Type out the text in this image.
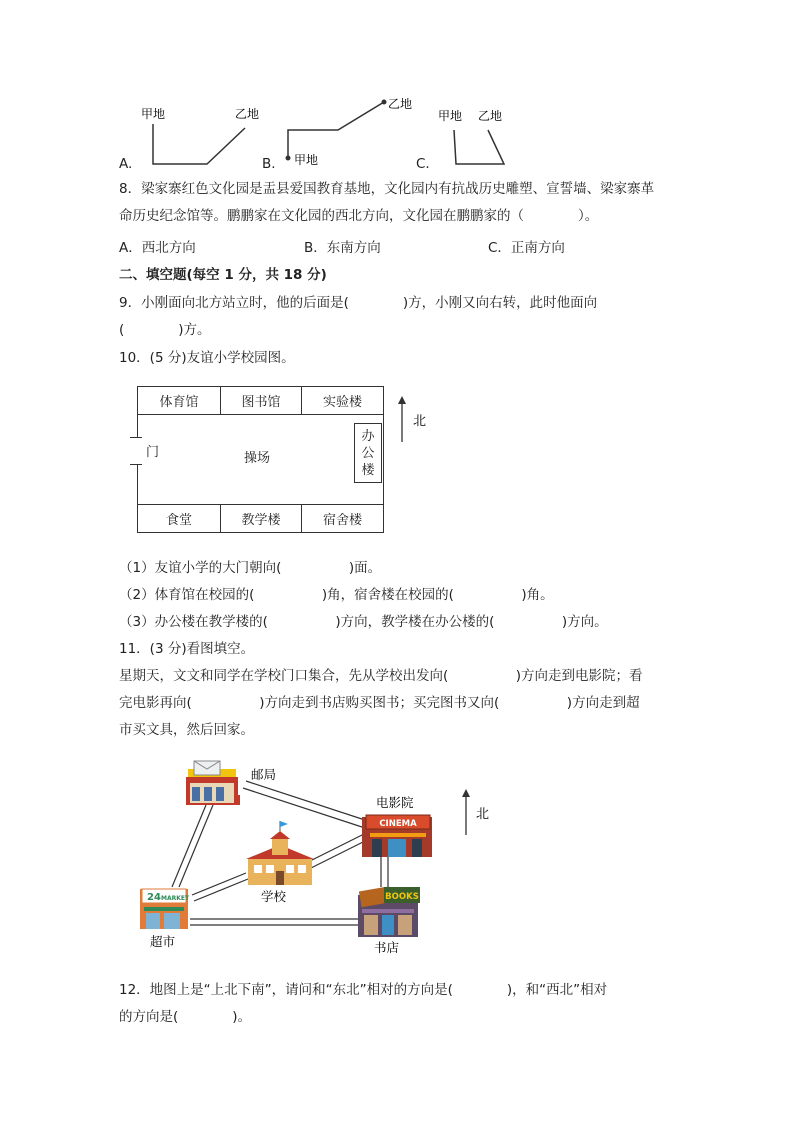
A.
甲地	乙地
B. 甲地
乙地
C.
甲地 乙地
8．梁家寨红色文化园是盂县爱国教育基地，文化园内有抗战历史雕塑、宣誓墙、梁家寨革
命历史纪念馆等。鹏鹏家在文化园的西北方向，文化园在鹏鹏家的（　　　　）。
A．西北方向	B．东南方向	C．正南方向
二、填空题(每空 1 分，共 18 分)
9．小刚面向北方站立时，他的后面是(　　　　)方，小刚又向右转，此时他面向
(　　　　)方。
10．(5 分)友谊小学校园图。
体育馆	图书馆	实验楼
食堂	教学楼	宿舍楼
办
公
楼
操场
门
北
（1）友谊小学的大门朝向(　　　　　)面。
（2）体育馆在校园的(　　　　　)角，宿舍楼在校园的(　　　　　)角。
（3）办公楼在教学楼的(　　　　　)方向，教学楼在办公楼的(　　　　　)方向。
11．(3 分)看图填空。
星期天，文文和同学在学校门口集合，先从学校出发向(　　　　　)方向走到电影院；看
完电影再向(　　　　　)方向走到书店购买图书；买完图书又向(　　　　　)方向走到超
市买文具，然后回家。
邮局
CINEMA
电影院
学校
24 MARKET
超市
BOOKS
书店
北
12．地图上是“上北下南”，请问和“东北”相对的方向是(　　　　)，和“西北”相对
的方向是(　　　　)。
